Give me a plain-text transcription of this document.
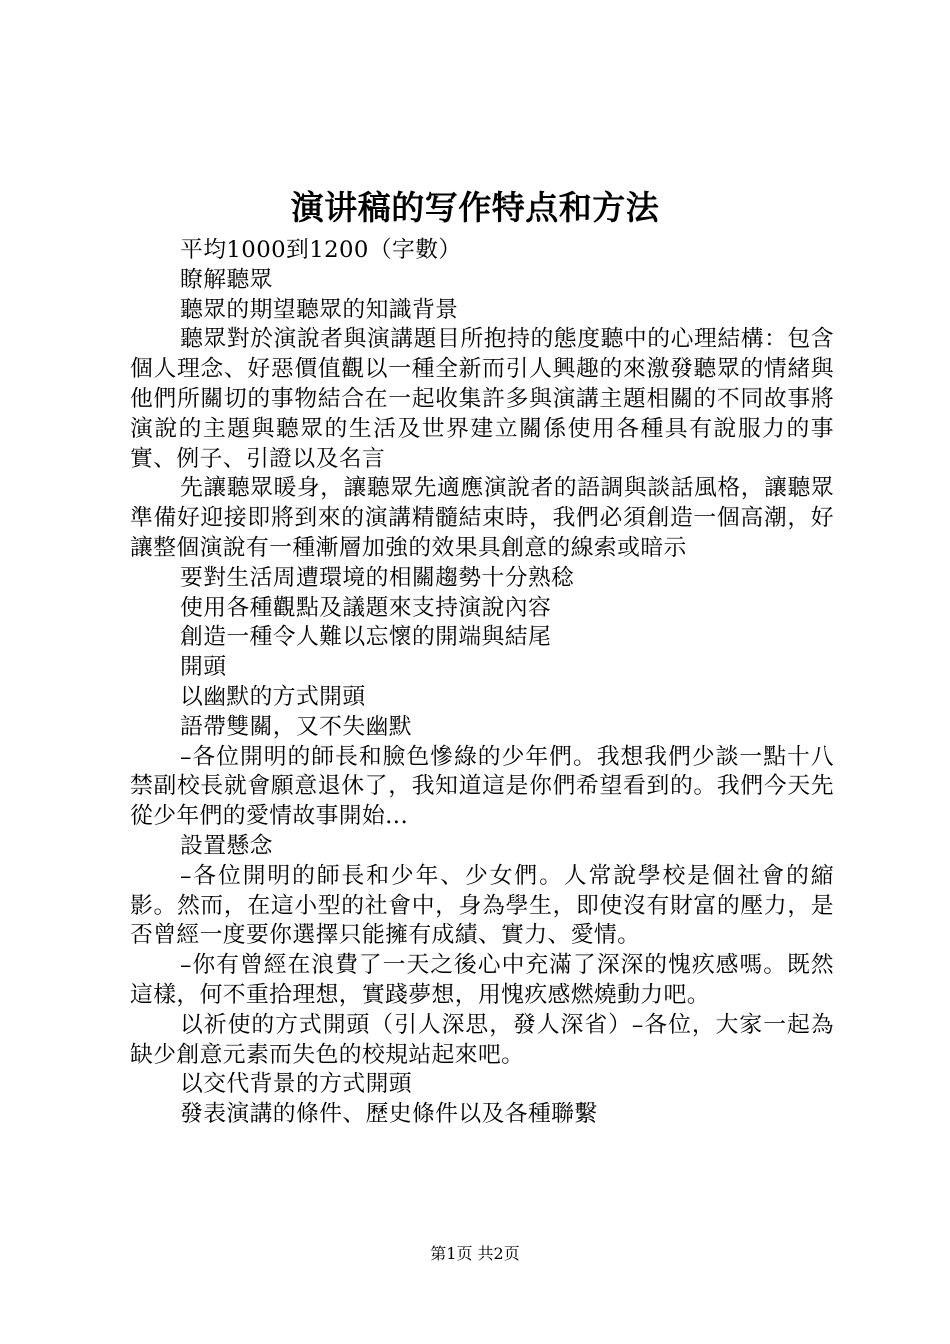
演讲稿的写作特点和方法

平均1000到1200（字數）

瞭解聽眾

聽眾的期望聽眾的知識背景

聽眾對於演說者與演講題目所抱持的態度聽中的心理結構：包含個人理念、好惡價值觀以一種全新而引人興趣的來激發聽眾的情緒與他們所關切的事物結合在一起收集許多與演講主題相關的不同故事將演說的主題與聽眾的生活及世界建立關係使用各種具有說服力的事實、例子、引證以及名言

先讓聽眾暖身，讓聽眾先適應演說者的語調與談話風格，讓聽眾準備好迎接即將到來的演講精髓結束時，我們必須創造一個高潮，好讓整個演說有一種漸層加強的效果具創意的線索或暗示

要對生活周遭環境的相關趨勢十分熟稔

使用各種觀點及議題來支持演說內容

創造一種令人難以忘懷的開端與結尾

開頭

以幽默的方式開頭

語帶雙關，又不失幽默

–各位開明的師長和臉色慘綠的少年們。我想我們少談一點十八禁副校長就會願意退休了，我知道這是你們希望看到的。我們今天先從少年們的愛情故事開始...

設置懸念

–各位開明的師長和少年、少女們。人常說學校是個社會的縮影。然而，在這小型的社會中，身為學生，即使沒有財富的壓力，是否曾經一度要你選擇只能擁有成績、實力、愛情。

–你有曾經在浪費了一天之後心中充滿了深深的愧疚感嗎。既然這樣，何不重拾理想，實踐夢想，用愧疚感燃燒動力吧。

以祈使的方式開頭（引人深思，發人深省）–各位，大家一起為缺少創意元素而失色的校規站起來吧。

以交代背景的方式開頭

發表演講的條件、歷史條件以及各種聯繫

第1页 共2页
